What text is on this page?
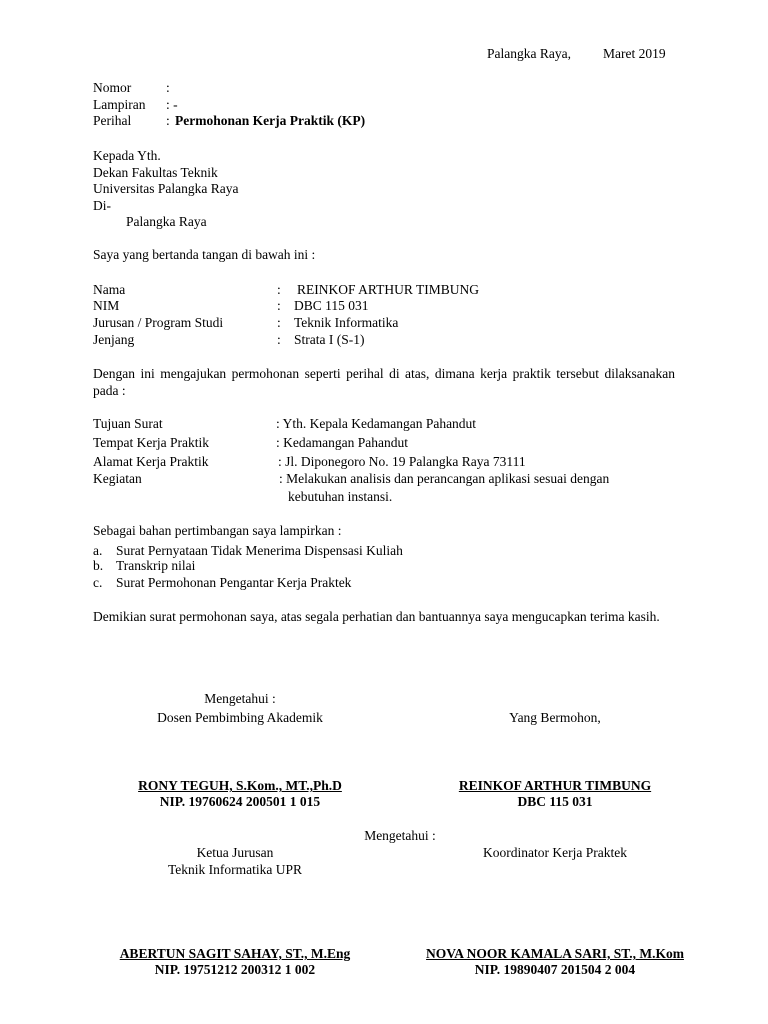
Palangka Raya, Maret 2019
Nomor	:
Lampiran : -
Perihal	: Permohonan Kerja Praktik (KP)
Kepada Yth.
Dekan Fakultas Teknik
Universitas Palangka Raya
Di-
Palangka Raya
Saya yang bertanda tangan di bawah ini :
Nama	: REINKOF ARTHUR TIMBUNG
NIM	: DBC 115 031
Jurusan / Program Studi	: Teknik Informatika
Jenjang	: Strata I (S-1)
Dengan ini mengajukan permohonan seperti perihal di atas, dimana kerja praktik tersebut dilaksanakan pada :
Tujuan Surat	: Yth. Kepala Kedamangan Pahandut
Tempat Kerja Praktik	: Kedamangan Pahandut
Alamat Kerja Praktik	: Jl. Diponegoro No. 19 Palangka Raya 73111
Kegiatan	: Melakukan analisis dan perancangan aplikasi sesuai dengan
kebutuhan instansi.
Sebagai bahan pertimbangan saya lampirkan :
a. Surat Pernyataan Tidak Menerima Dispensasi Kuliah
b. Transkrip nilai
c. Surat Permohonan Pengantar Kerja Praktek
Demikian surat permohonan saya, atas segala perhatian dan bantuannya saya mengucapkan terima kasih.
Mengetahui :
Dosen Pembimbing Akademik
RONY TEGUH, S.Kom., MT.,Ph.D
NIP. 19760624 200501 1 015
Yang Bermohon,
REINKOF ARTHUR TIMBUNG
DBC 115 031
Mengetahui :
Ketua Jurusan
Teknik Informatika UPR
ABERTUN SAGIT SAHAY, ST., M.Eng
NIP. 19751212 200312 1 002
Koordinator Kerja Praktek
NOVA NOOR KAMALA SARI, ST., M.Kom
NIP. 19890407 201504 2 004
